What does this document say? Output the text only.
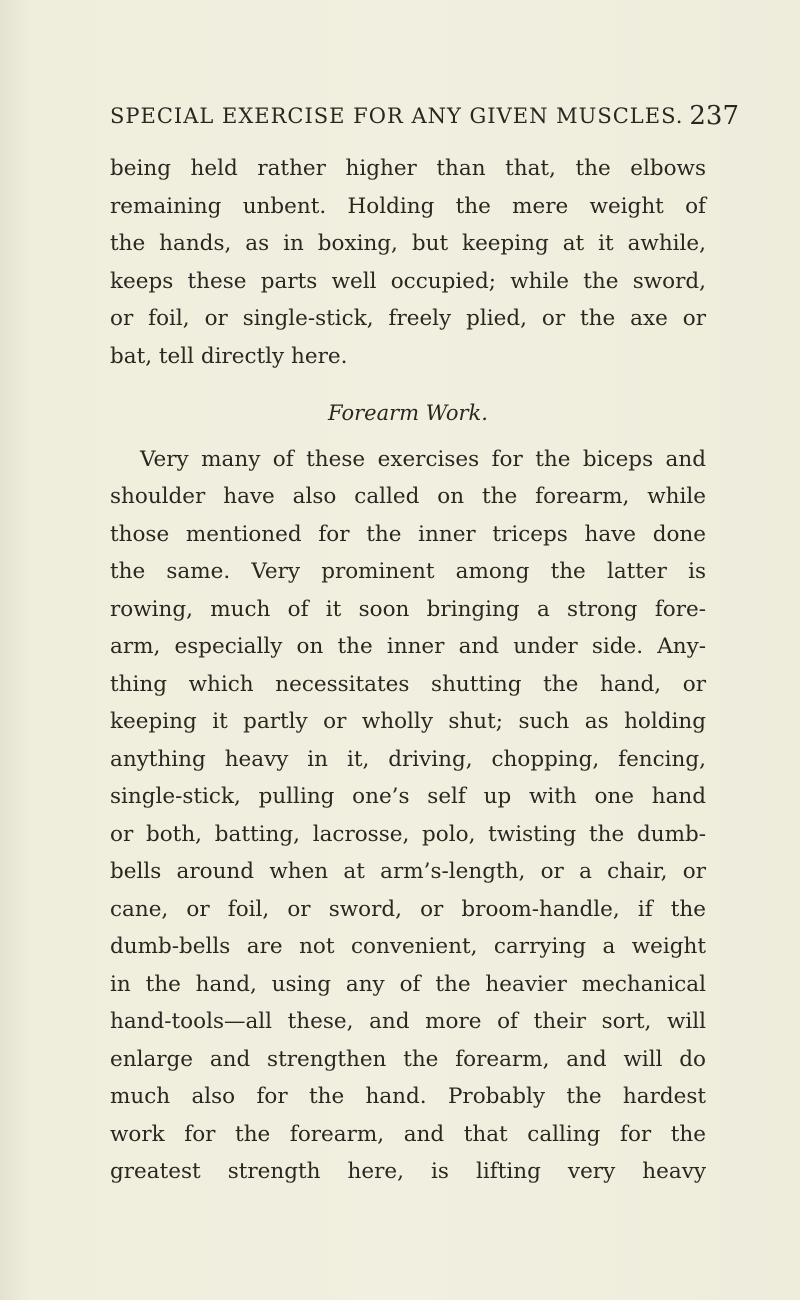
SPECIAL EXERCISE FOR ANY GIVEN MUSCLES. 237
being held rather higher than that, the elbows
remaining unbent. Holding the mere weight of
the hands, as in boxing, but keeping at it awhile,
keeps these parts well occupied; while the sword,
or foil, or single-stick, freely plied, or the axe or
bat, tell directly here.
Forearm Work.
Very many of these exercises for the biceps and
shoulder have also called on the forearm, while
those mentioned for the inner triceps have done
the same. Very prominent among the latter is
rowing, much of it soon bringing a strong fore-
arm, especially on the inner and under side. Any-
thing which necessitates shutting the hand, or
keeping it partly or wholly shut; such as holding
anything heavy in it, driving, chopping, fencing,
single-stick, pulling one’s self up with one hand
or both, batting, lacrosse, polo, twisting the dumb-
bells around when at arm’s-length, or a chair, or
cane, or foil, or sword, or broom-handle, if the
dumb-bells are not convenient, carrying a weight
in the hand, using any of the heavier mechanical
hand-tools—all these, and more of their sort, will
enlarge and strengthen the forearm, and will do
much also for the hand. Probably the hardest
work for the forearm, and that calling for the
greatest strength here, is lifting very heavy
